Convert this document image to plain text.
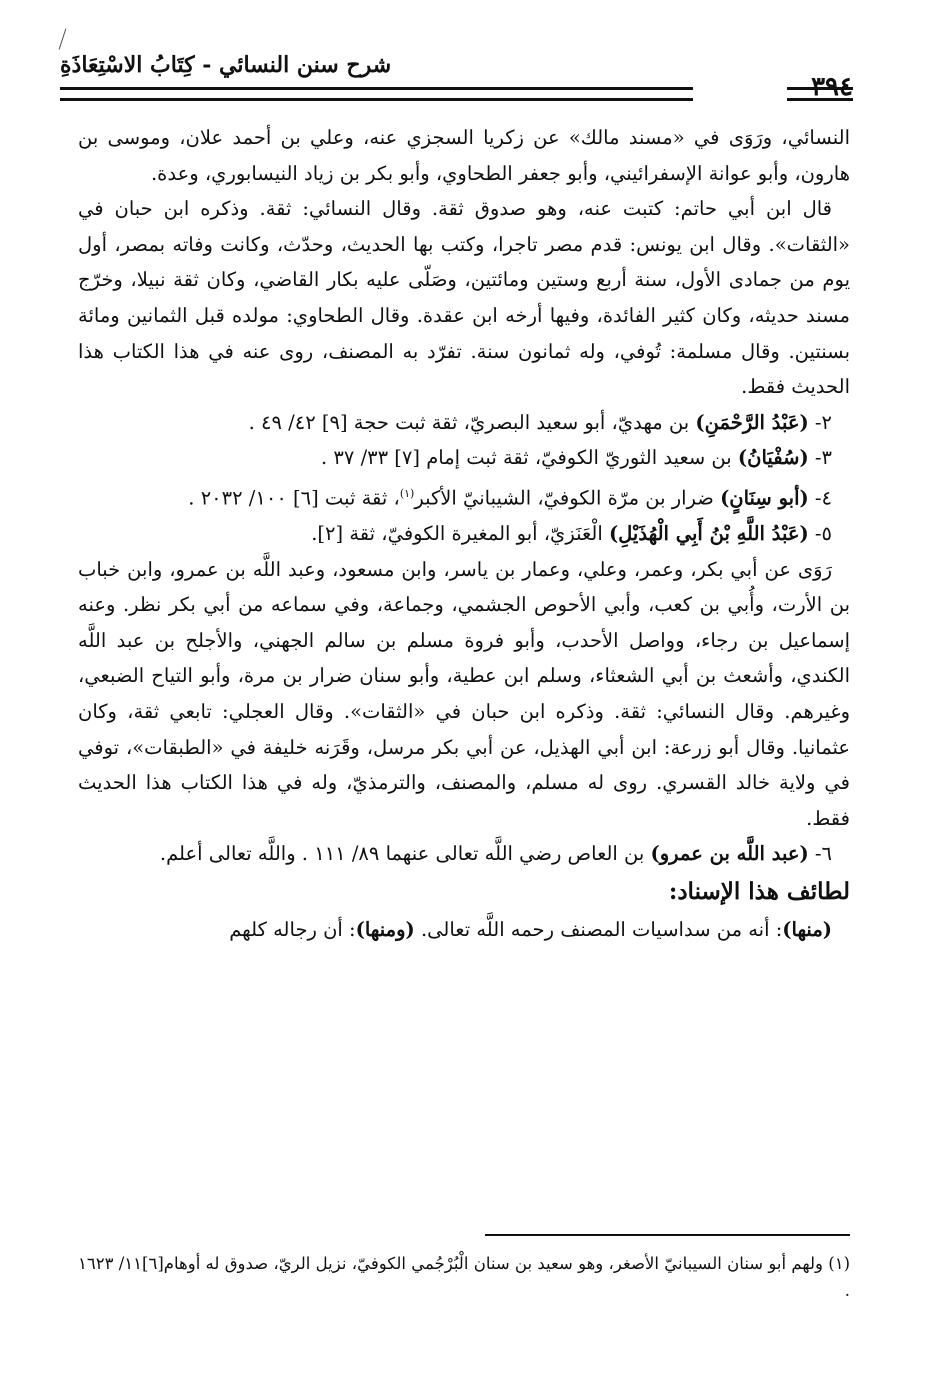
٣٩٤
شرح سنن النسائي - كِتَابُ الاسْتِعَاذَةِ

النسائي، ورَوَى في «مسند مالك» عن زكريا السجزي عنه، وعلي بن أحمد علان، وموسى بن هارون، وأبو عوانة الإسفرائيني، وأبو جعفر الطحاوي، وأبو بكر بن زياد النيسابوري، وعدة.

قال ابن أبي حاتم: كتبت عنه، وهو صدوق ثقة. وقال النسائي: ثقة. وذكره ابن حبان في «الثقات». وقال ابن يونس: قدم مصر تاجرا، وكتب بها الحديث، وحدّث، وكانت وفاته بمصر، أول يوم من جمادى الأول، سنة أربع وستين ومائتين، وصَلّى عليه بكار القاضي، وكان ثقة نبيلا، وخرّج مسند حديثه، وكان كثير الفائدة، وفيها أرخه ابن عقدة. وقال الطحاوي: مولده قبل الثمانين ومائة بسنتين. وقال مسلمة: تُوفي، وله ثمانون سنة. تفرّد به المصنف، روى عنه في هذا الكتاب هذا الحديث فقط.

٢- (عَبْدُ الرَّحْمَنِ) بن مهديّ، أبو سعيد البصريّ، ثقة ثبت حجة [٩] ٤٢/ ٤٩ .

٣- (سُفْيَانُ) بن سعيد الثوريّ الكوفيّ، ثقة ثبت إمام [٧] ٣٣/ ٣٧ .

٤- (أبو سِنَانٍ) ضرار بن مرّة الكوفيّ، الشيبانيّ الأكبر$^{(١)}$، ثقة ثبت [٦] ١٠٠/ ٢٠٣٢ .

٥- (عَبْدُ اللَّهِ بْنُ أَبِي الْهُذَيْلِ) الْعَنَزيّ، أبو المغيرة الكوفيّ، ثقة [٢].

رَوَى عن أبي بكر، وعمر، وعلي، وعمار بن ياسر، وابن مسعود، وعبد اللَّه بن عمرو، وابن خباب بن الأرت، وأُبي بن كعب، وأبي الأحوص الجشمي، وجماعة، وفي سماعه من أبي بكر نظر. وعنه إسماعيل بن رجاء، وواصل الأحدب، وأبو فروة مسلم بن سالم الجهني، والأجلح بن عبد اللَّه الكندي، وأشعث بن أبي الشعثاء، وسلم ابن عطية، وأبو سنان ضرار بن مرة، وأبو التياح الضبعي، وغيرهم. وقال النسائي: ثقة. وذكره ابن حبان في «الثقات». وقال العجلي: تابعي ثقة، وكان عثمانيا. وقال أبو زرعة: ابن أبي الهذيل، عن أبي بكر مرسل، وقَرَنه خليفة في «الطبقات»، توفي في ولاية خالد القسري. روى له مسلم، والمصنف، والترمذيّ، وله في هذا الكتاب هذا الحديث فقط.

٦- (عبد اللَّه بن عمرو) بن العاص رضي اللَّه تعالى عنهما ٨٩/ ١١١ . واللَّه تعالى أعلم.

لطائف هذا الإسناد:

(منها): أنه من سداسيات المصنف رحمه اللَّه تعالى. (ومنها): أن رجاله كلهم

(١) ولهم أبو سنان السيبانيّ الأصغر، وهو سعيد بن سنان الْبُرْجُمي الكوفيّ، نزيل الريّ، صدوق له أوهام[٦]١١/ ١٦٢٣ .
